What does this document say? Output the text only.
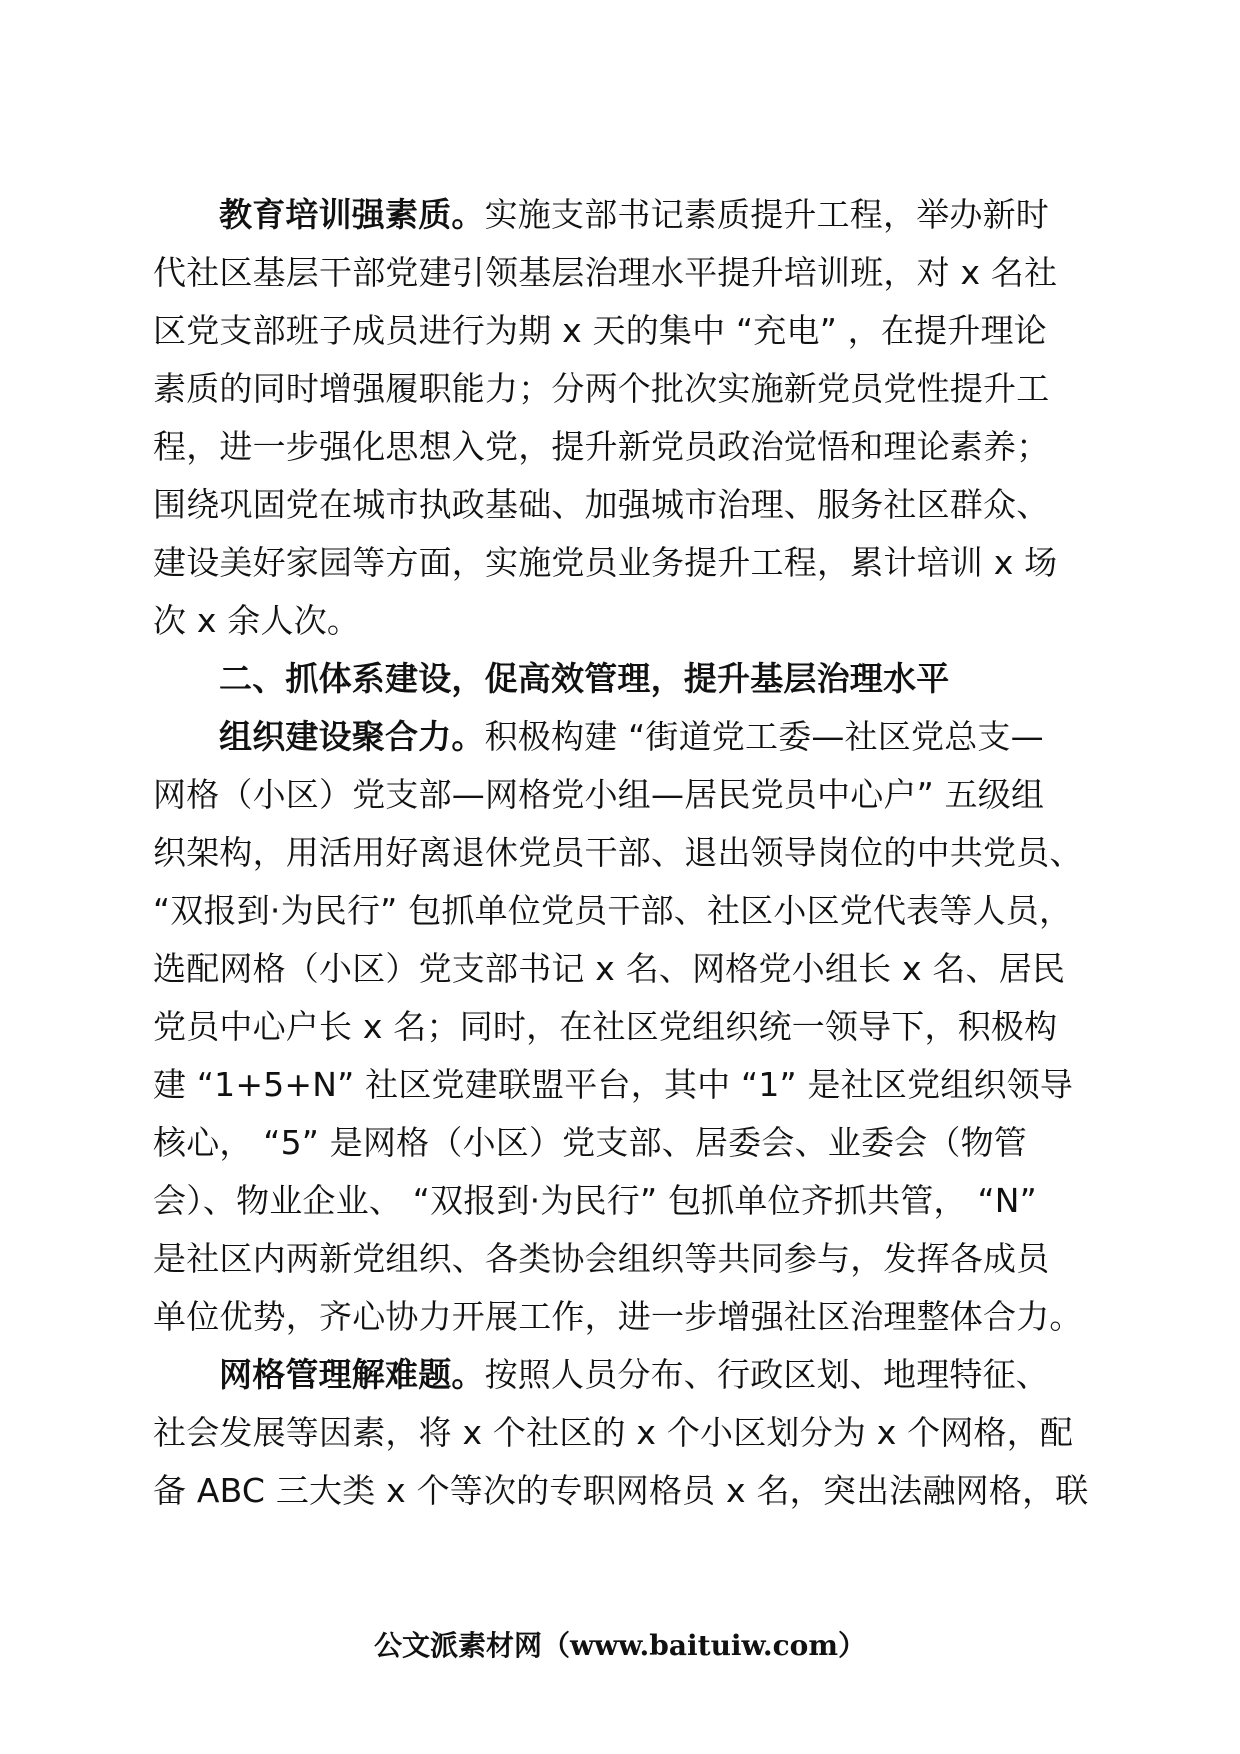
教育培训强素质。实施支部书记素质提升工程，举办新时
代社区基层干部党建引领基层治理水平提升培训班，对 x 名社
区党支部班子成员进行为期 x 天的集中 “充电” ，在提升理论
素质的同时增强履职能力；分两个批次实施新党员党性提升工
程，进一步强化思想入党，提升新党员政治觉悟和理论素养；
围绕巩固党在城市执政基础、加强城市治理、服务社区群众、
建设美好家园等方面，实施党员业务提升工程，累计培训 x 场
次 x 余人次。
二、抓体系建设，促高效管理，提升基层治理水平
组织建设聚合力。积极构建 “街道党工委—社区党总支—
网格（小区）党支部—网格党小组—居民党员中心户” 五级组
织架构，用活用好离退休党员干部、退出领导岗位的中共党员、
“双报到·为民行” 包抓单位党员干部、社区小区党代表等人员，
选配网格（小区）党支部书记 x 名、网格党小组长 x 名、居民
党员中心户长 x 名；同时，在社区党组织统一领导下，积极构
建 “1+5+N” 社区党建联盟平台，其中 “1” 是社区党组织领导
核心， “5” 是网格（小区）党支部、居委会、业委会（物管
会）、物业企业、 “双报到·为民行” 包抓单位齐抓共管， “N”
是社区内两新党组织、各类协会组织等共同参与，发挥各成员
单位优势，齐心协力开展工作，进一步增强社区治理整体合力。
网格管理解难题。按照人员分布、行政区划、地理特征、
社会发展等因素，将 x 个社区的 x 个小区划分为 x 个网格，配
备 ABC 三大类 x 个等次的专职网格员 x 名，突出法融网格，联
公文派素材网（www.baituiw.com）
